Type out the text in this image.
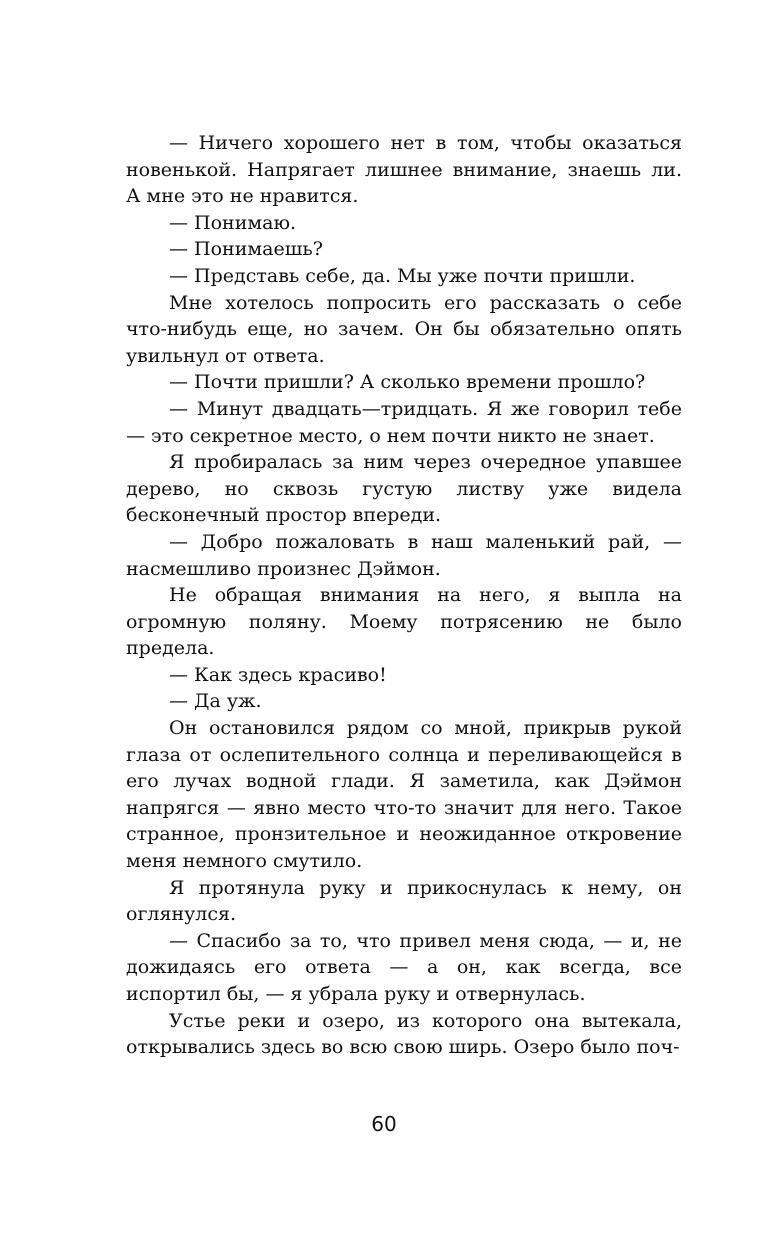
— Ничего хорошего нет в том, чтобы оказаться новенькой. Напрягает лишнее внимание, знаешь ли. А мне это не нравится.

— Понимаю.

— Понимаешь?

— Представь себе, да. Мы уже почти пришли.

Мне хотелось попросить его рассказать о себе что-нибудь еще, но зачем. Он бы обязательно опять увильнул от ответа.

— Почти пришли? А сколько времени прошло?

— Минут двадцать—тридцать. Я же говорил тебе — это секретное место, о нем почти никто не знает.

Я пробиралась за ним через очередное упавшее дерево, но сквозь густую листву уже видела бесконечный простор впереди.

— Добро пожаловать в наш маленький рай, — насмешливо произнес Дэймон.

Не обращая внимания на него, я выпла на огромную поляну. Моему потрясению не было предела.

— Как здесь красиво!

— Да уж.

Он остановился рядом со мной, прикрыв рукой глаза от ослепительного солнца и переливающейся в его лучах водной глади. Я заметила, как Дэймон напрягся — явно место что-то значит для него. Такое странное, пронзительное и неожиданное откровение меня немного смутило.

Я протянула руку и прикоснулась к нему, он оглянулся.

— Спасибо за то, что привел меня сюда, — и, не дожидаясь его ответа — а он, как всегда, все испортил бы, — я убрала руку и отвернулась.

Устье реки и озеро, из которого она вытекала, открывались здесь во всю свою ширь. Озеро было поч-

60
